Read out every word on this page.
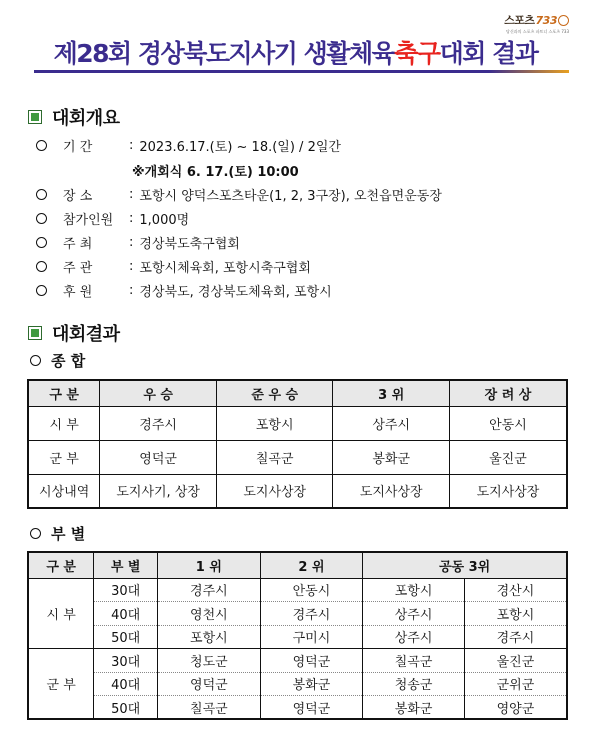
스포츠 733
당신과의 스포츠 파트너 스포츠 733
제28회 경상북도지사기 생활체육축구대회 결과
대회개요
기 간	: 2023.6.17.(토) ~ 18.(일) / 2일간
장 소	: 포항시 양덕스포츠타운(1, 2, 3구장), 오천읍면운동장
참가인원	: 1,000명
주 최	: 경상북도축구협회
주 관	: 포항시체육회, 포항시축구협회
후 원	: 경상북도, 경상북도체육회, 포항시
※개회식 6. 17.(토) 10:00
대회결과
종 합
구 분	우 승	준 우 승	3 위	장 려 상
시 부	경주시	포항시	상주시	안동시
군 부	영덕군	칠곡군	봉화군	울진군
시상내역	도지사기, 상장	도지사상장	도지사상장	도지사상장
부 별
구 분	부 별	1 위	2 위	공동 3위	
시 부	30대	경주시	안동시	포항시	경산시
	40대	영천시	경주시	상주시	포항시
	50대	포항시	구미시	상주시	경주시
군 부	30대	청도군	영덕군	칠곡군	울진군
	40대	영덕군	봉화군	청송군	군위군
	50대	칠곡군	영덕군	봉화군	영양군
